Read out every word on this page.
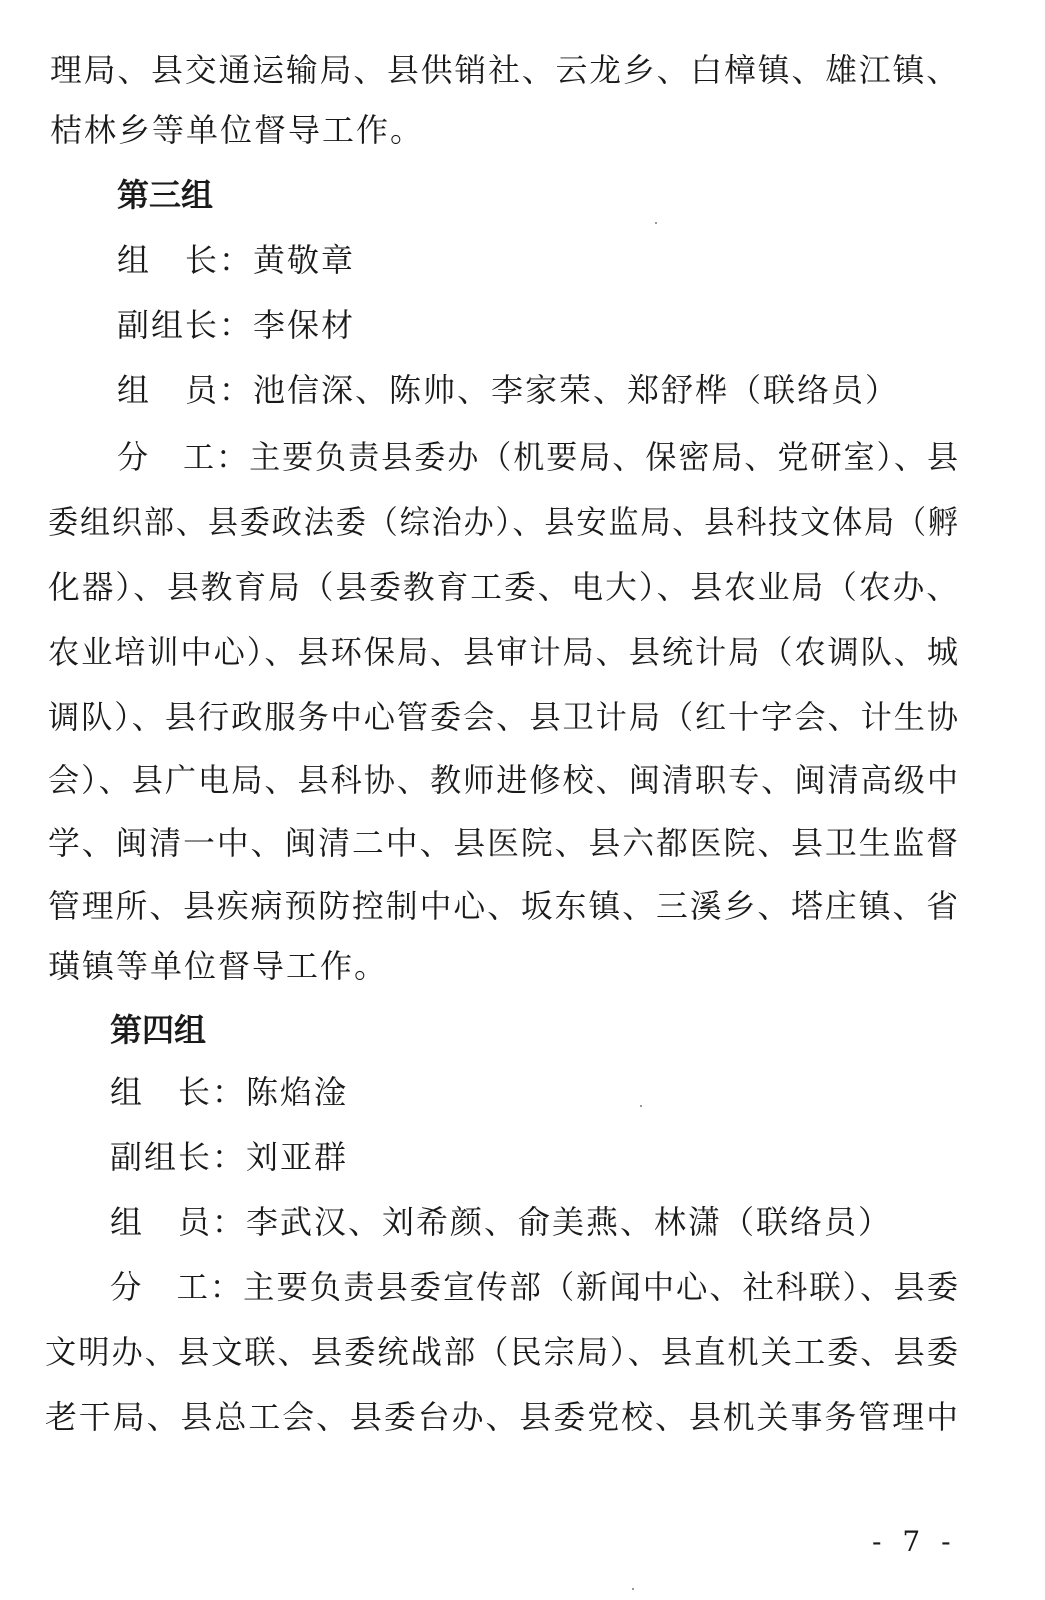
理局、县交通运输局、县供销社、云龙乡、白樟镇、雄江镇、
桔林乡等单位督导工作。
第三组
组　长：黄敬章
副组长：李保材
组　员：池信深、陈帅、李家荣、郑舒桦（联络员）
分　工：主要负责县委办（机要局、保密局、党研室）、县
委组织部、县委政法委（综治办）、县安监局、县科技文体局（孵
化器）、县教育局（县委教育工委、电大）、县农业局（农办、
农业培训中心）、县环保局、县审计局、县统计局（农调队、城
调队）、县行政服务中心管委会、县卫计局（红十字会、计生协
会）、县广电局、县科协、教师进修校、闽清职专、闽清高级中
学、闽清一中、闽清二中、县医院、县六都医院、县卫生监督
管理所、县疾病预防控制中心、坂东镇、三溪乡、塔庄镇、省
璜镇等单位督导工作。
第四组
组　长：陈焰淦
副组长：刘亚群
组　员：李武汉、刘希颜、俞美燕、林潇（联络员）
分　工：主要负责县委宣传部（新闻中心、社科联）、县委
文明办、县文联、县委统战部（民宗局）、县直机关工委、县委
老干局、县总工会、县委台办、县委党校、县机关事务管理中
- 7 -
